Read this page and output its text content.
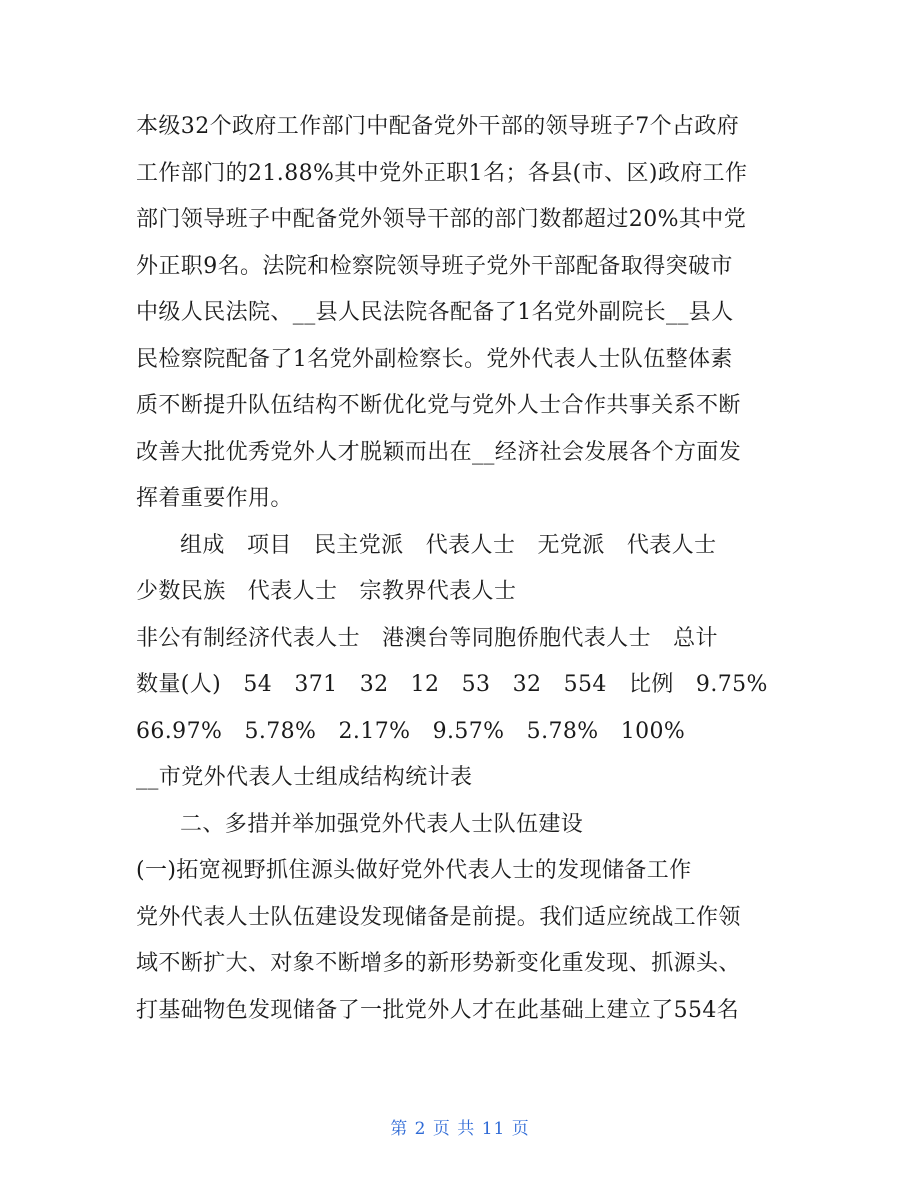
本级32个政府工作部门中配备党外干部的领导班子7个占政府
工作部门的21.88%其中党外正职1名；各县(市、区)政府工作
部门领导班子中配备党外领导干部的部门数都超过20%其中党
外正职9名。法院和检察院领导班子党外干部配备取得突破市
中级人民法院、__县人民法院各配备了1名党外副院长__县人
民检察院配备了1名党外副检察长。党外代表人士队伍整体素
质不断提升队伍结构不断优化党与党外人士合作共事关系不断
改善大批优秀党外人才脱颖而出在__经济社会发展各个方面发
挥着重要作用。
组成   项目   民主党派   代表人士   无党派   代表人士
少数民族   代表人士   宗教界代表人士
非公有制经济代表人士   港澳台等同胞侨胞代表人士   总计
数量(人)   54   371   32   12   53   32   554   比例   9.75%
66.97%   5.78%   2.17%   9.57%   5.78%   100%
__市党外代表人士组成结构统计表
二、多措并举加强党外代表人士队伍建设
(一)拓宽视野抓住源头做好党外代表人士的发现储备工作
党外代表人士队伍建设发现储备是前提。我们适应统战工作领
域不断扩大、对象不断增多的新形势新变化重发现、抓源头、
打基础物色发现储备了一批党外人才在此基础上建立了554名
第 2 页 共 11 页
